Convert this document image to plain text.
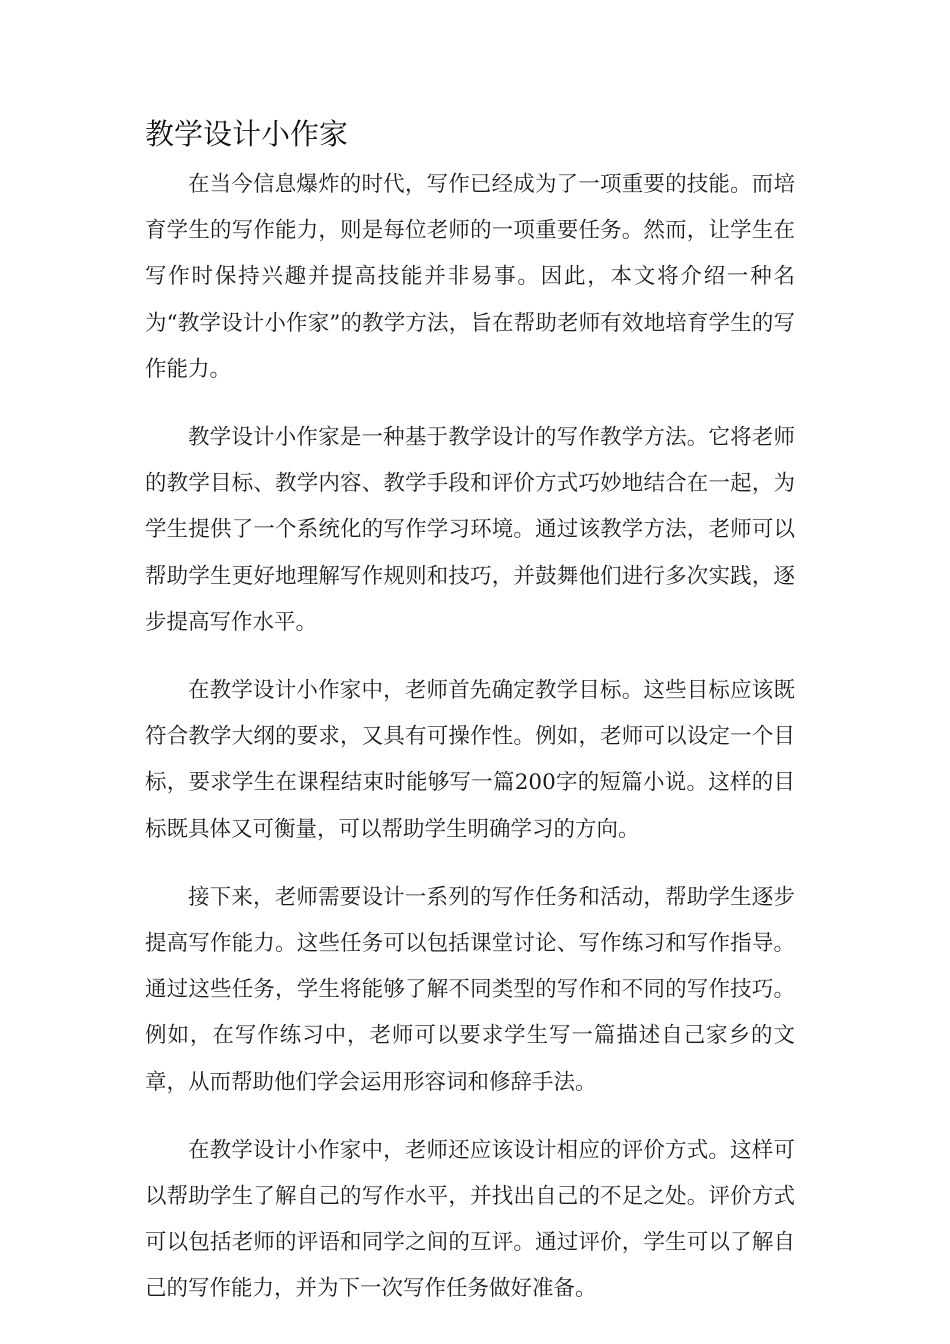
教学设计小作家

在当今信息爆炸的时代，写作已经成为了一项重要的技能。而培育学生的写作能力，则是每位老师的一项重要任务。然而，让学生在写作时保持兴趣并提高技能并非易事。因此，本文将介绍一种名为“教学设计小作家”的教学方法，旨在帮助老师有效地培育学生的写作能力。

教学设计小作家是一种基于教学设计的写作教学方法。它将老师的教学目标、教学内容、教学手段和评价方式巧妙地结合在一起，为学生提供了一个系统化的写作学习环境。通过该教学方法，老师可以帮助学生更好地理解写作规则和技巧，并鼓舞他们进行多次实践，逐步提高写作水平。

在教学设计小作家中，老师首先确定教学目标。这些目标应该既符合教学大纲的要求，又具有可操作性。例如，老师可以设定一个目标，要求学生在课程结束时能够写一篇200字的短篇小说。这样的目标既具体又可衡量，可以帮助学生明确学习的方向。

接下来，老师需要设计一系列的写作任务和活动，帮助学生逐步提高写作能力。这些任务可以包括课堂讨论、写作练习和写作指导。通过这些任务，学生将能够了解不同类型的写作和不同的写作技巧。例如，在写作练习中，老师可以要求学生写一篇描述自己家乡的文章，从而帮助他们学会运用形容词和修辞手法。

在教学设计小作家中，老师还应该设计相应的评价方式。这样可以帮助学生了解自己的写作水平，并找出自己的不足之处。评价方式可以包括老师的评语和同学之间的互评。通过评价，学生可以了解自己的写作能力，并为下一次写作任务做好准备。
